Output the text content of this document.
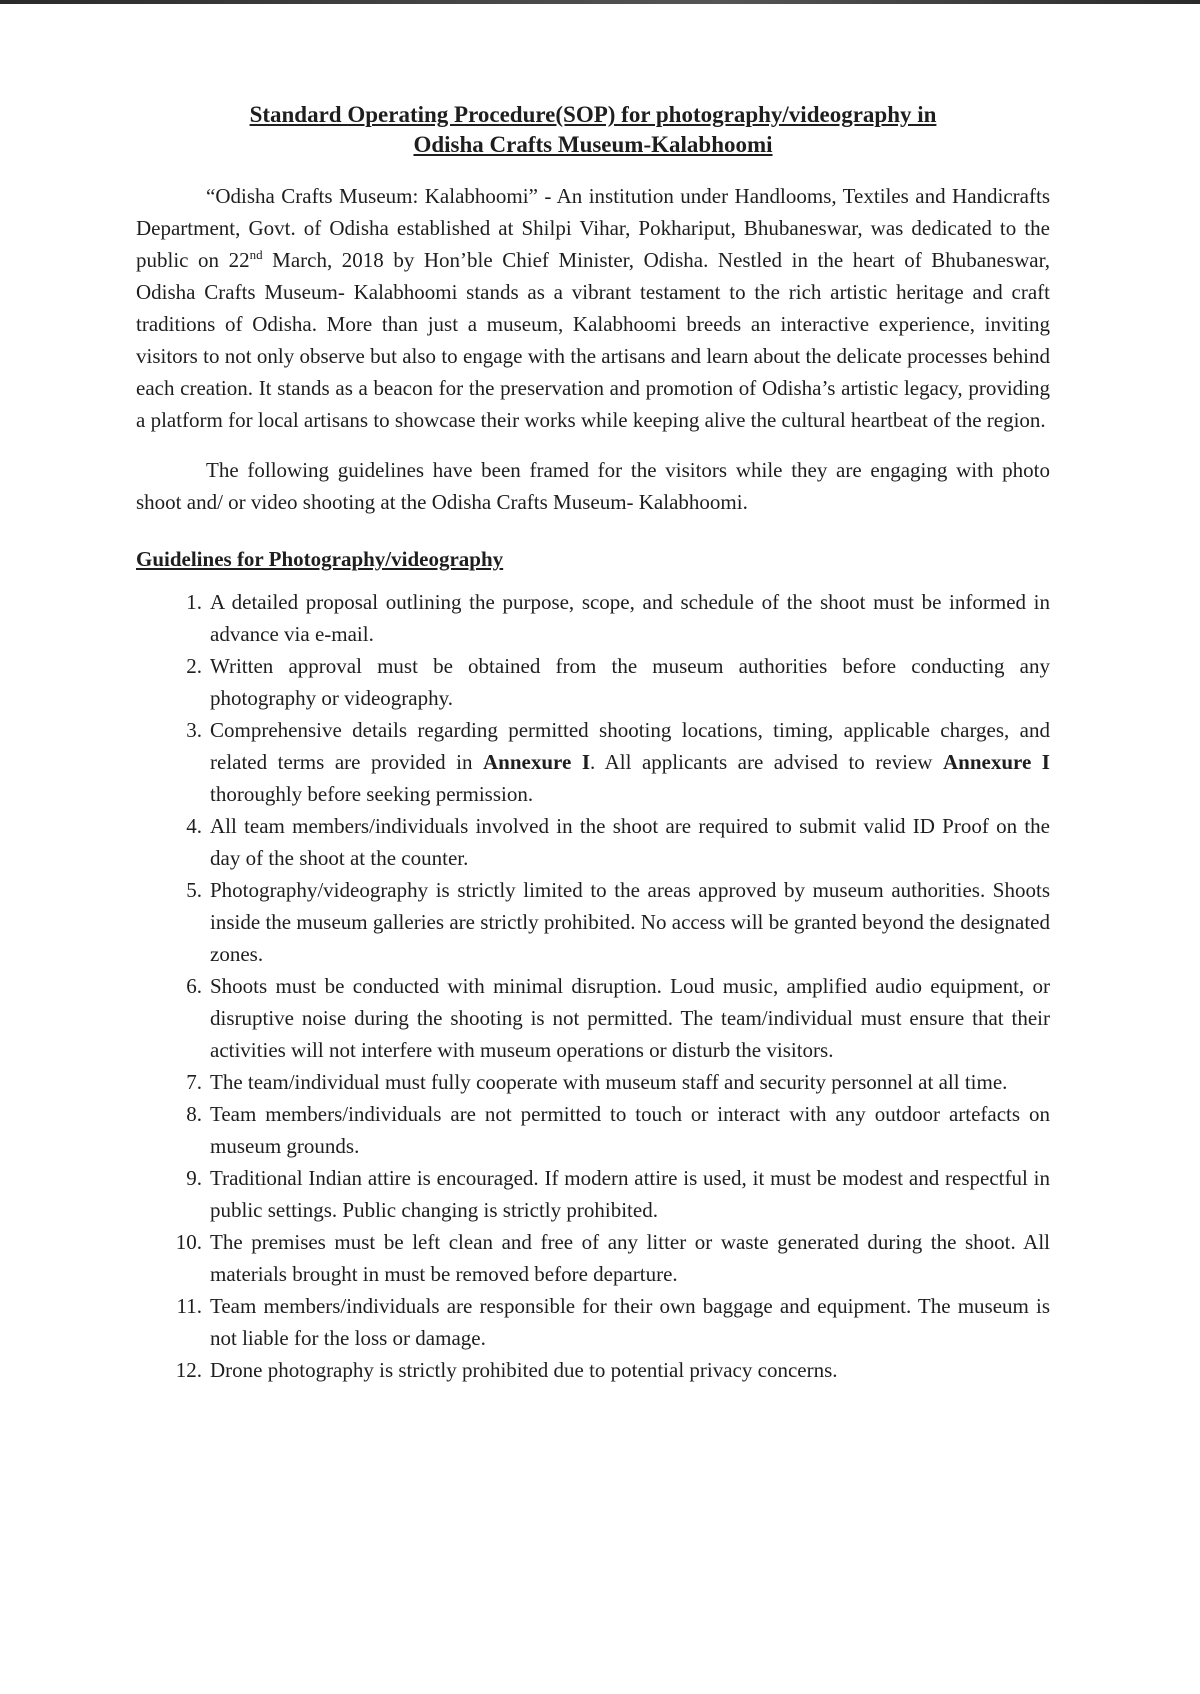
Standard Operating Procedure(SOP) for photography/videography in
Odisha Crafts Museum-Kalabhoomi

“Odisha Crafts Museum: Kalabhoomi” - An institution under Handlooms, Textiles and Handicrafts Department, Govt. of Odisha established at Shilpi Vihar, Pokhariput, Bhubaneswar, was dedicated to the public on 22nd March, 2018 by Hon’ble Chief Minister, Odisha. Nestled in the heart of Bhubaneswar, Odisha Crafts Museum- Kalabhoomi stands as a vibrant testament to the rich artistic heritage and craft traditions of Odisha. More than just a museum, Kalabhoomi breeds an interactive experience, inviting visitors to not only observe but also to engage with the artisans and learn about the delicate processes behind each creation. It stands as a beacon for the preservation and promotion of Odisha’s artistic legacy, providing a platform for local artisans to showcase their works while keeping alive the cultural heartbeat of the region.

The following guidelines have been framed for the visitors while they are engaging with photo shoot and/ or video shooting at the Odisha Crafts Museum- Kalabhoomi.

Guidelines for Photography/videography
1. A detailed proposal outlining the purpose, scope, and schedule of the shoot must be informed in advance via e-mail.
2. Written approval must be obtained from the museum authorities before conducting any photography or videography.
3. Comprehensive details regarding permitted shooting locations, timing, applicable charges, and related terms are provided in Annexure I. All applicants are advised to review Annexure I thoroughly before seeking permission.
4. All team members/individuals involved in the shoot are required to submit valid ID Proof on the day of the shoot at the counter.
5. Photography/videography is strictly limited to the areas approved by museum authorities. Shoots inside the museum galleries are strictly prohibited. No access will be granted beyond the designated zones.
6. Shoots must be conducted with minimal disruption. Loud music, amplified audio equipment, or disruptive noise during the shooting is not permitted. The team/individual must ensure that their activities will not interfere with museum operations or disturb the visitors.
7. The team/individual must fully cooperate with museum staff and security personnel at all time.
8. Team members/individuals are not permitted to touch or interact with any outdoor artefacts on museum grounds.
9. Traditional Indian attire is encouraged. If modern attire is used, it must be modest and respectful in public settings. Public changing is strictly prohibited.
10. The premises must be left clean and free of any litter or waste generated during the shoot. All materials brought in must be removed before departure.
11. Team members/individuals are responsible for their own baggage and equipment. The museum is not liable for the loss or damage.
12. Drone photography is strictly prohibited due to potential privacy concerns.
